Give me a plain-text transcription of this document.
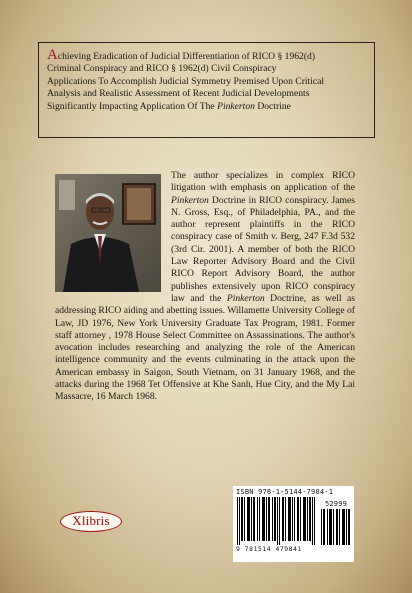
Achieving Eradication of Judicial Differentiation of RICO § 1962(d)
Criminal Conspiracy and RICO § 1962(d) Civil Conspiracy
Applications To Accomplish Judicial Symmetry Premised Upon Critical
Analysis and Realistic Assessment of Recent Judicial Developments
Significantly Impacting Application Of The Pinkerton Doctrine

The author specializes in complex RICO litigation with emphasis on application of the Pinkerton Doctrine in RICO conspiracy. James N. Gross, Esq., of Philadelphia, PA., and the author represent plaintiffs in the RICO conspiracy case of Smith v. Berg, 247 F.3d 532 (3rd Cir. 2001). A member of both the RICO Law Reporter Advisory Board and the Civil RICO Report Advisory Board, the author publishes extensively upon RICO conspiracy law and the Pinkerton Doctrine, as well as addressing RICO aiding and abetting issues. Willamette University College of Law, JD 1976, New York University Graduate Tax Program, 1981. Former staff attorney , 1978 House Select Committee on Assassinations. The author's avocation includes researching and analyzing the role of the American intelligence community and the events culminating in the attack upon the American embassy in Saigon, South Vietnam, on 31 January 1968, and the attacks during the 1968 Tet Offensive at Khe Sanh, Hue City, and the My Lai Massacre, 16 March 1968.

Xlibris
ISBN 978-1-5144-7984-1
52999
9 781514 479841
